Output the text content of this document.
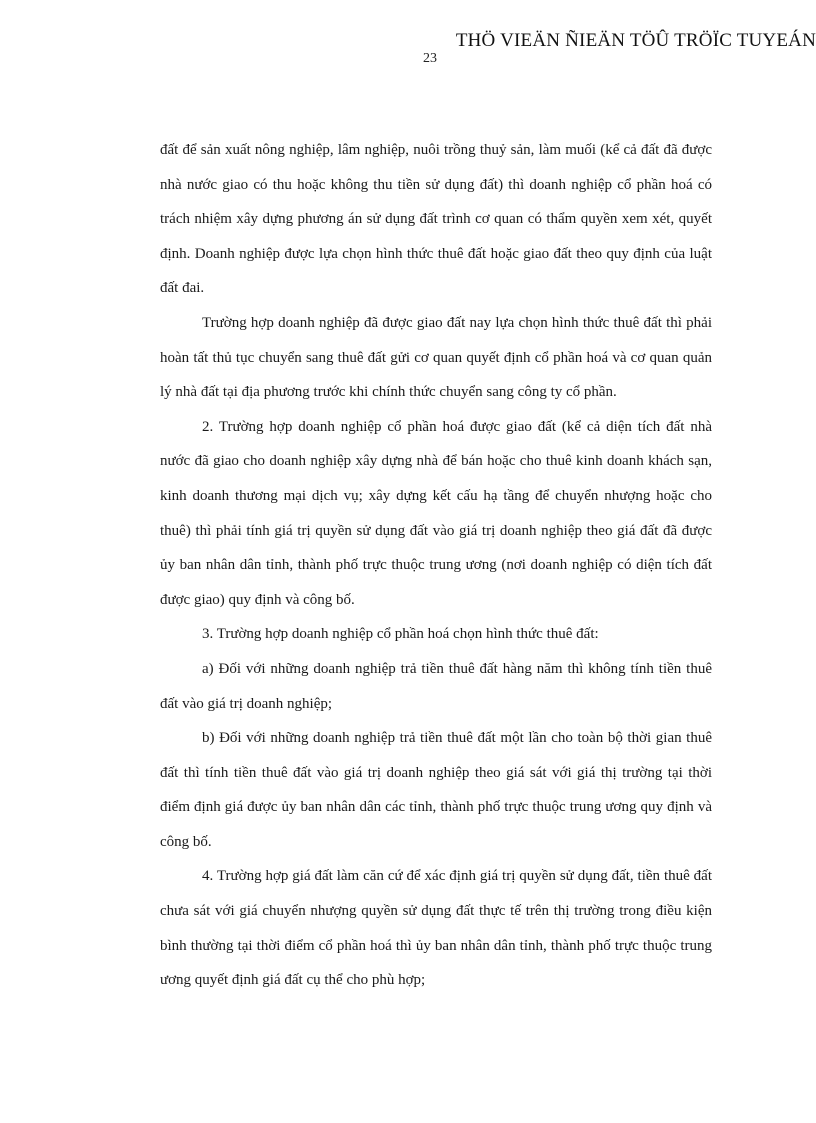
THÖ VIEÄN ÑIEÄN TÖÛ TRÖÏC TUYEÁN
23

đất để sản xuất nông nghiệp, lâm nghiệp, nuôi trồng thuỷ sản, làm muối (kể cả đất đã được nhà nước giao có thu hoặc không thu tiền sử dụng đất) thì doanh nghiệp cổ phần hoá có trách nhiệm xây dựng phương án sử dụng đất trình cơ quan có thẩm quyền xem xét, quyết định. Doanh nghiệp được lựa chọn hình thức thuê đất hoặc giao đất theo quy định của luật đất đai.

Trường hợp doanh nghiệp đã được giao đất nay lựa chọn hình thức thuê đất thì phải hoàn tất thủ tục chuyển sang thuê đất gửi cơ quan quyết định cổ phần hoá và cơ quan quản lý nhà đất tại địa phương trước khi chính thức chuyển sang công ty cổ phần.

2. Trường hợp doanh nghiệp cổ phần hoá được giao đất (kể cả diện tích đất nhà nước đã giao cho doanh nghiệp xây dựng nhà để bán hoặc cho thuê kinh doanh khách sạn, kinh doanh thương mại dịch vụ; xây dựng kết cấu hạ tầng để chuyển nhượng hoặc cho thuê) thì phải tính giá trị quyền sử dụng đất vào giá trị doanh nghiệp theo giá đất đã được ủy ban nhân dân tỉnh, thành phố trực thuộc trung ương (nơi doanh nghiệp có diện tích đất được giao) quy định và công bố.

3. Trường hợp doanh nghiệp cổ phần hoá chọn hình thức thuê đất:

a) Đối với những doanh nghiệp trả tiền thuê đất hàng năm thì không tính tiền thuê đất vào giá trị doanh nghiệp;

b) Đối với những doanh nghiệp trả tiền thuê đất một lần cho toàn bộ thời gian thuê đất thì tính tiền thuê đất vào giá trị doanh nghiệp theo giá sát với giá thị trường tại thời điểm định giá được ủy ban nhân dân các tỉnh, thành phố trực thuộc trung ương quy định và công bố.

4. Trường hợp giá đất làm căn cứ để xác định giá trị quyền sử dụng đất, tiền thuê đất chưa sát với giá chuyển nhượng quyền sử dụng đất thực tế trên thị trường trong điều kiện bình thường tại thời điểm cổ phần hoá thì ủy ban nhân dân tỉnh, thành phố trực thuộc trung ương quyết định giá đất cụ thể cho phù hợp;
